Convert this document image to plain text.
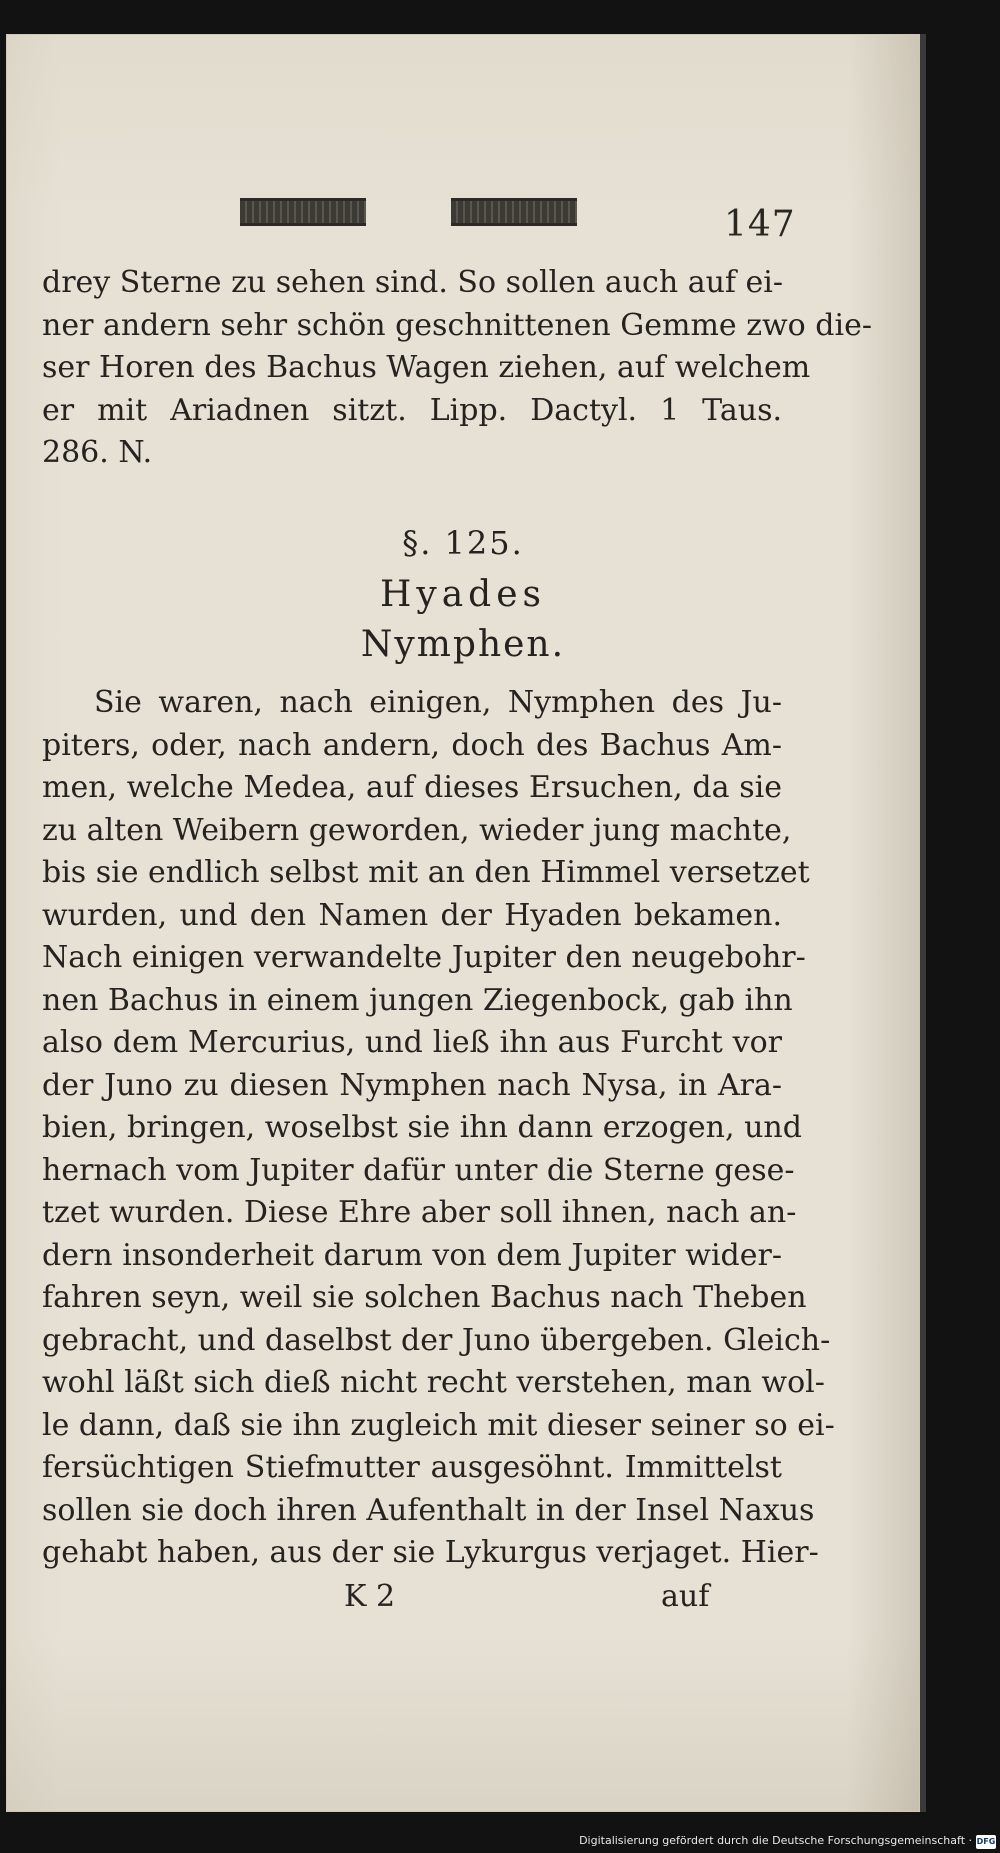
147
drey Sterne zu sehen sind. So sollen auch auf ei-
ner andern sehr schön geschnittenen Gemme zwo die-
ser Horen des Bachus Wagen ziehen, auf welchem
er mit Ariadnen sitzt. Lipp. Dactyl. 1 Taus.
286. N.
§. 125.
Hyades
Nymphen.
Sie waren, nach einigen, Nymphen des Ju-
piters, oder, nach andern, doch des Bachus Am-
men, welche Medea, auf dieses Ersuchen, da sie
zu alten Weibern geworden, wieder jung machte,
bis sie endlich selbst mit an den Himmel versetzet
wurden, und den Namen der Hyaden bekamen.
Nach einigen verwandelte Jupiter den neugebohr-
nen Bachus in einem jungen Ziegenbock, gab ihn
also dem Mercurius, und ließ ihn aus Furcht vor
der Juno zu diesen Nymphen nach Nysa, in Ara-
bien, bringen, woselbst sie ihn dann erzogen, und
hernach vom Jupiter dafür unter die Sterne gese-
tzet wurden. Diese Ehre aber soll ihnen, nach an-
dern insonderheit darum von dem Jupiter wider-
fahren seyn, weil sie solchen Bachus nach Theben
gebracht, und daselbst der Juno übergeben. Gleich-
wohl läßt sich dieß nicht recht verstehen, man wol-
le dann, daß sie ihn zugleich mit dieser seiner so ei-
fersüchtigen Stiefmutter ausgesöhnt. Immittelst
sollen sie doch ihren Aufenthalt in der Insel Naxus
gehabt haben, aus der sie Lykurgus verjaget. Hier-
K 2	auf
Digitalisierung gefördert durch die Deutsche Forschungsgemeinschaft · DFG
